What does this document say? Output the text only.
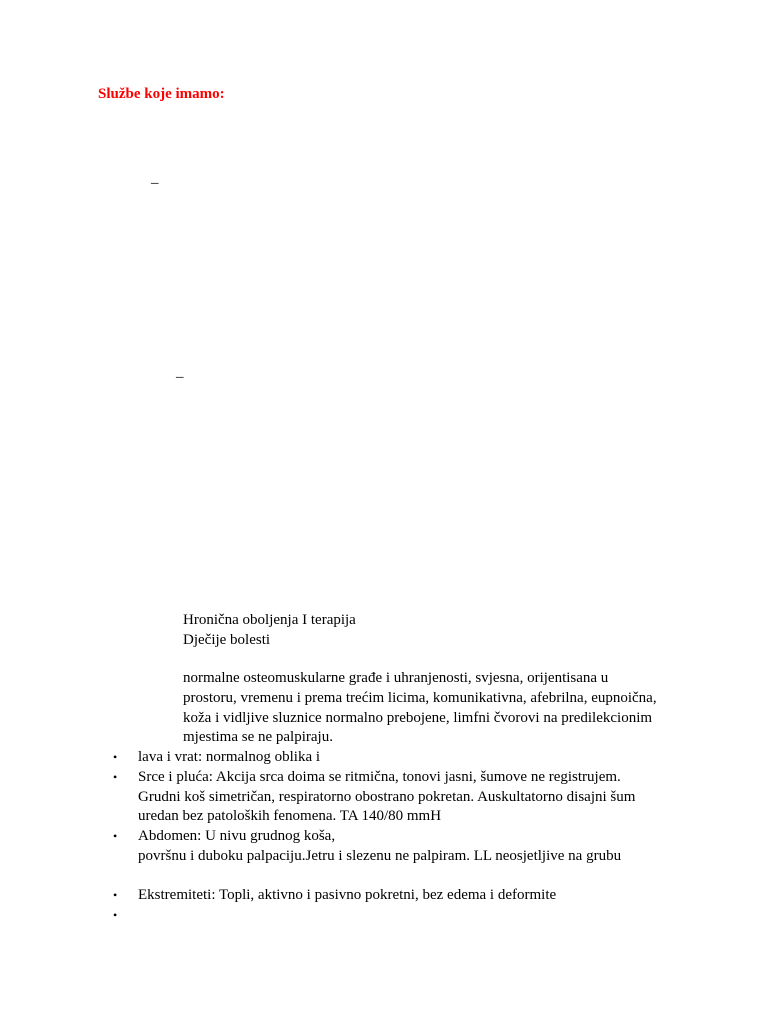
Službe koje imamo:
–
–
Hronična oboljenja I terapija
Dječije bolesti
normalne osteomuskularne građe i uhranjenosti, svjesna, orijentisana u
prostoru, vremenu i prema trećim licima, komunikativna, afebrilna, eupnoična,
koža i vidljive sluznice normalno prebojene, limfni čvorovi na predilekcionim
mjestima se ne palpiraju.
• lava i vrat: normalnog oblika i
• Srce i pluća: Akcija srca doima se ritmična, tonovi jasni, šumove ne registrujem.
Grudni koš simetričan, respiratorno obostrano pokretan. Auskultatorno disajni šum
uredan bez patoloških fenomena. TA 140/80 mmH
• Abdomen: U nivu grudnog koša,
površnu i duboku palpaciju.Jetru i slezenu ne palpiram. LL neosjetljive na grubu
• Ekstremiteti: Topli, aktivno i pasivno pokretni, bez edema i deformite
•
